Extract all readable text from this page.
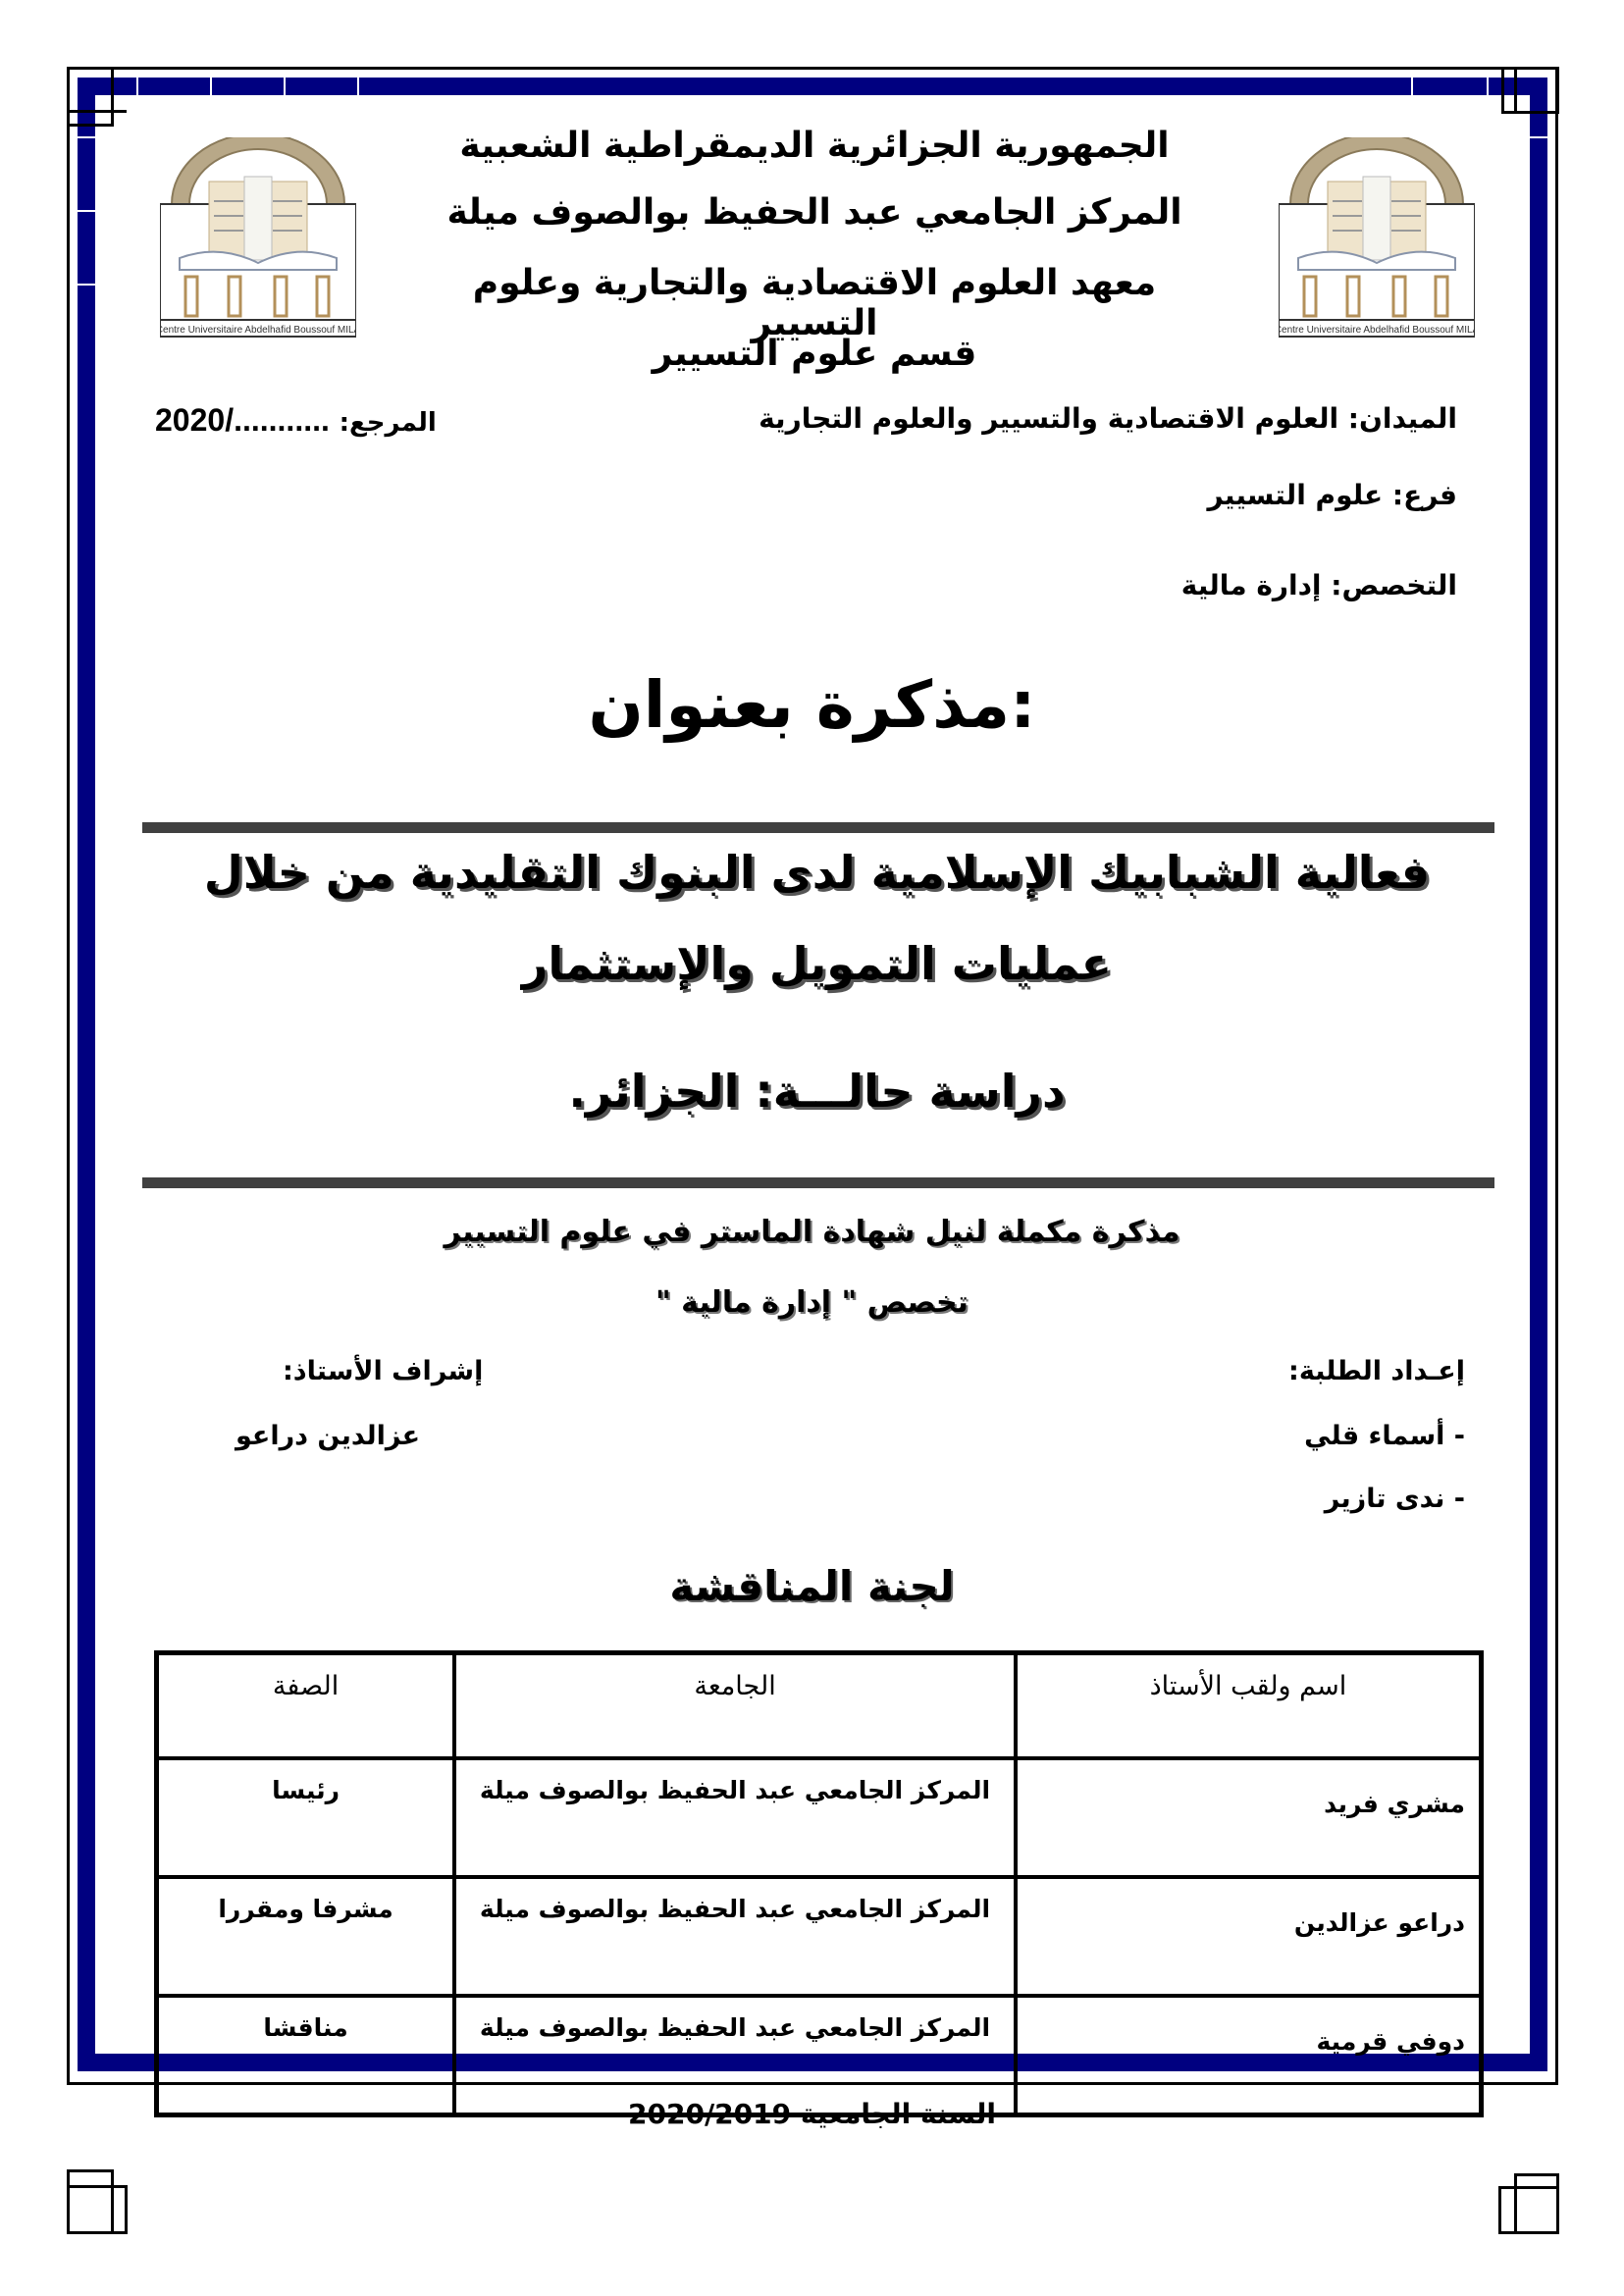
Centre Universitaire Abdelhafid Boussouf MILA	Centre Universitaire Abdelhafid Boussouf MILA
الجمهورية الجزائرية الديمقراطية الشعبية
المركز الجامعي عبد الحفيظ بوالصوف ميلة
معهد العلوم الاقتصادية والتجارية وعلوم التسيير
قسم علوم التسيير
الميدان: العلوم الاقتصادية والتسيير والعلوم التجارية
2020/........... :المرجع
فرع: علوم التسيير
التخصص: إدارة مالية
:مذكرة بعنوان
فعالية الشبابيك الإسلامية لدى البنوك التقليدية من خلال
عمليات التمويل والإستثمار
دراسة حالـــة: الجزائر.
مذكرة مكملة لنيل شهادة الماستر في علوم التسيير
تخصص " إدارة مالية "
إعـداد الطلبة:
- أسماء قلي
- ندى تازير
إشراف الأستاذ:
عزالدين دراعو
لجنة المناقشة
اسم ولقب الأستاذ	الجامعة	الصفة
مشري فريد	المركز الجامعي عبد الحفيظ بوالصوف ميلة	رئيسا
دراعو عزالدين	المركز الجامعي عبد الحفيظ بوالصوف ميلة	مشرفا ومقررا
دوفي قرمية	المركز الجامعي عبد الحفيظ بوالصوف ميلة	مناقشا
السنة الجامعية 2020/2019
